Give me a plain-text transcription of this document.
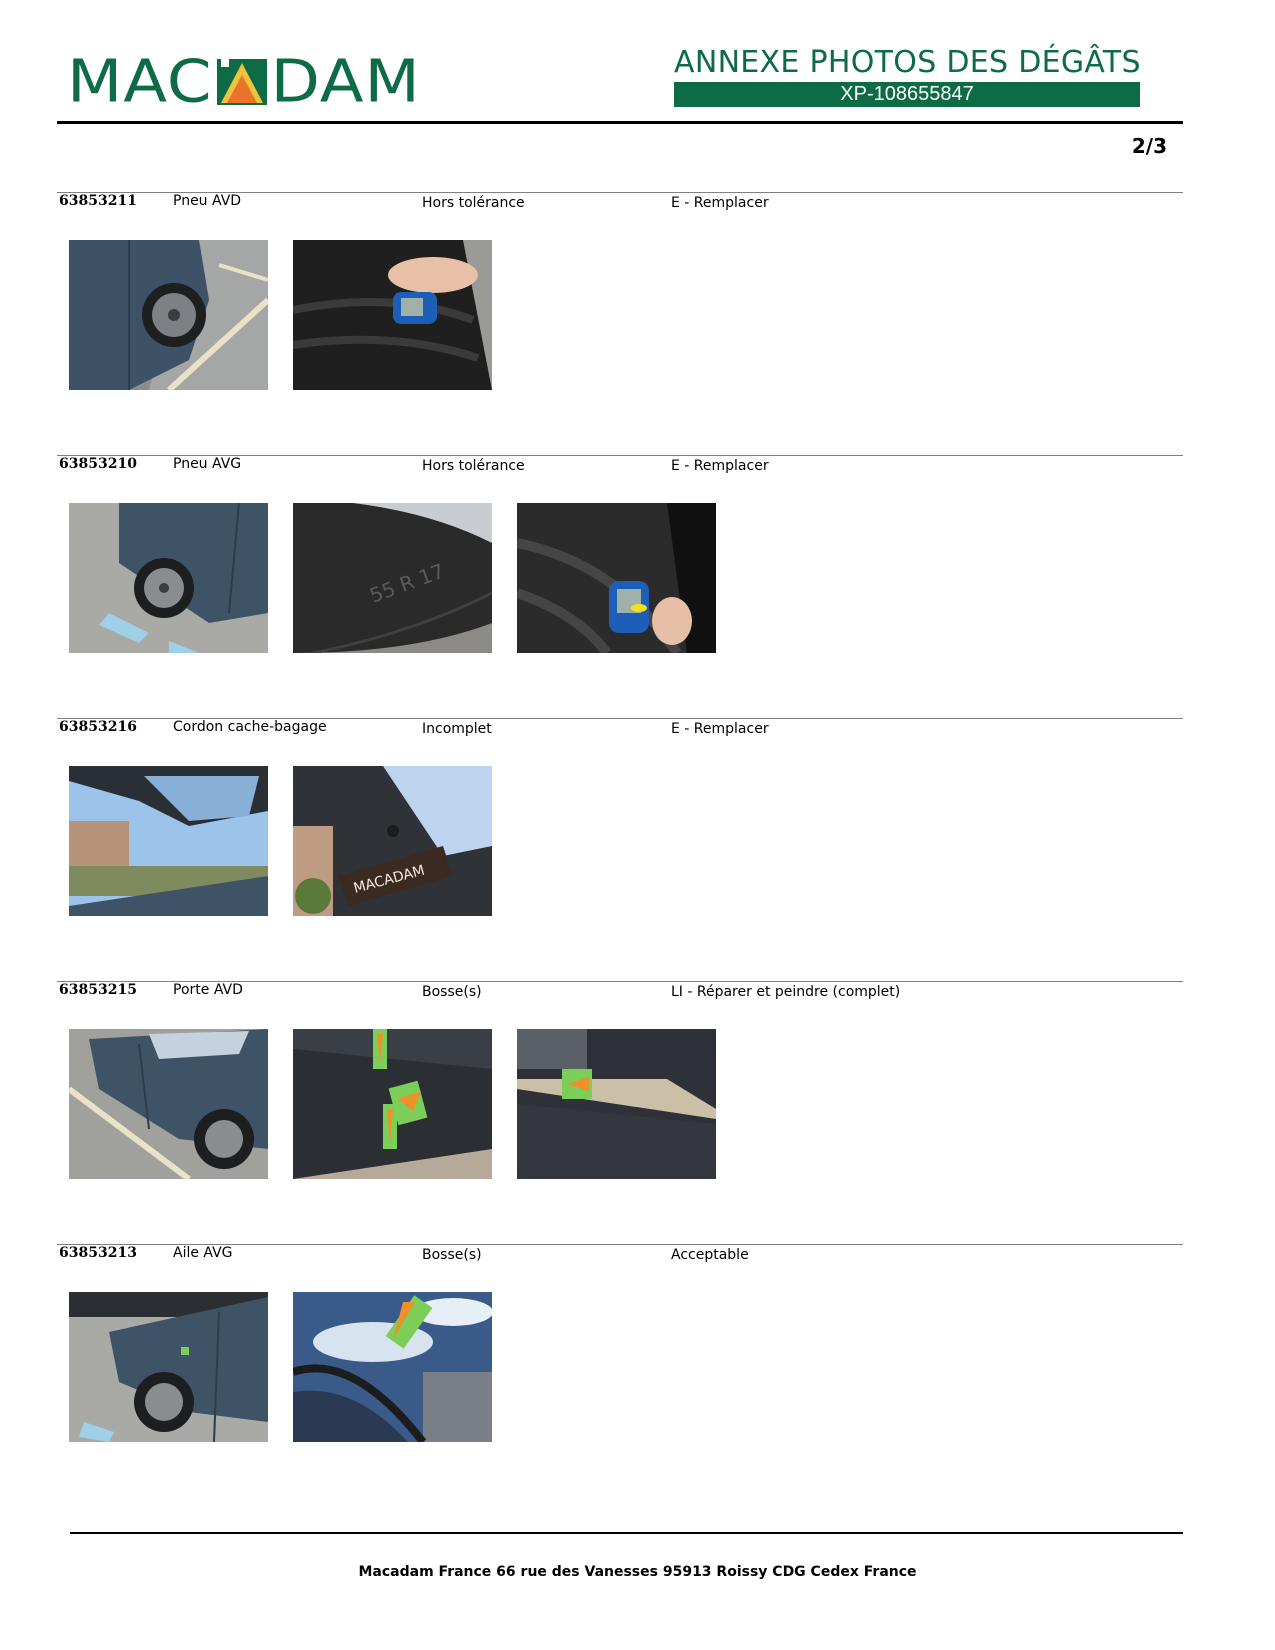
MAC DAM	ANNEXE PHOTOS DES DÉGÂTS
XP-108655847
2/3
63853211	Pneu AVD	Hors tolérance	E - Remplacer
63853210	Pneu AVG	Hors tolérance	E - Remplacer
55 R 17
63853216	Cordon cache-bagage	Incomplet	E - Remplacer
MACADAM
63853215	Porte AVD	Bosse(s)	LI - Réparer et peindre (complet)
63853213	Aile AVG	Bosse(s)	Acceptable
Macadam France 66 rue des Vanesses 95913 Roissy CDG Cedex France
